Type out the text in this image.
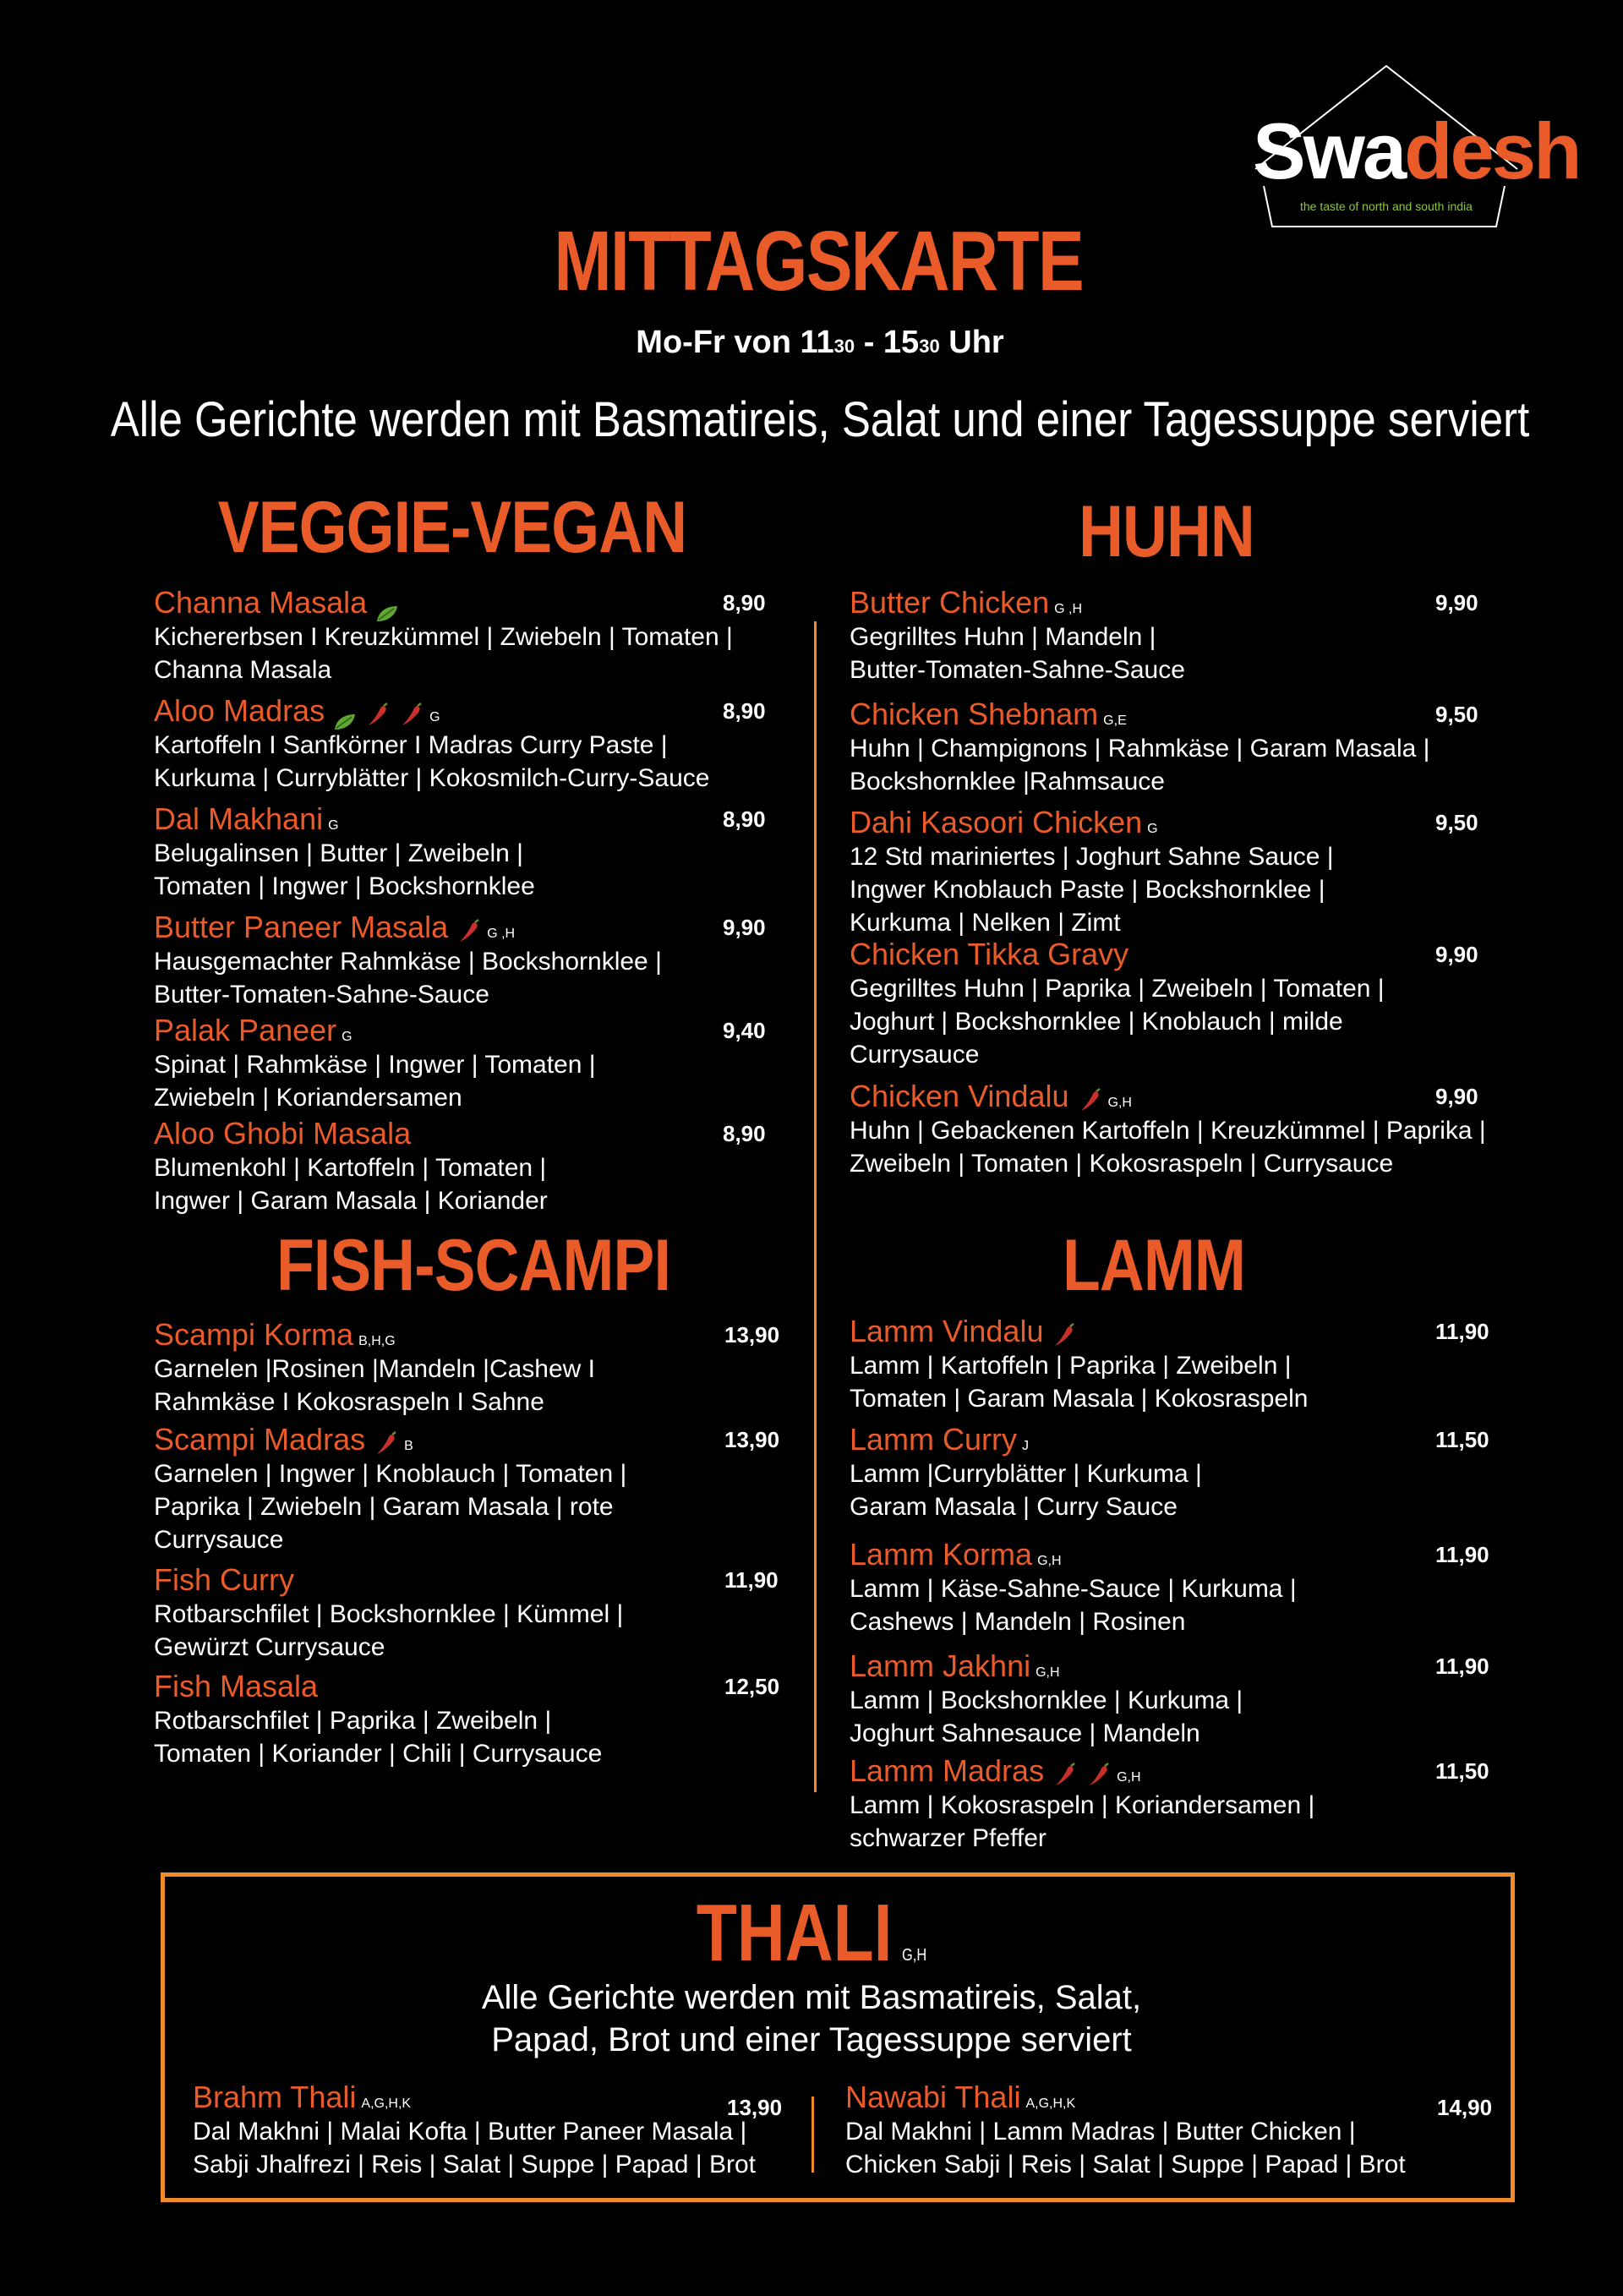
Swadesh
the taste of north and south india
MITTAGSKARTE
Mo-Fr von 1130 - 1530 Uhr
Alle Gerichte werden mit Basmatireis, Salat und einer Tagessuppe serviert
VEGGIE-VEGAN	HUHN
FISH-SCAMPI	LAMM
Channa Masala
Kichererbsen I Kreuzkümmel | Zwiebeln | Tomaten |
Channa Masala
8,90
Aloo Madras	G
Kartoffeln I Sanfkörner I Madras Curry Paste |
Kurkuma | Curryblätter | Kokosmilch-Curry-Sauce
8,90
Dal Makhani G
Belugalinsen | Butter | Zweibeln |
Tomaten | Ingwer | Bockshornklee
8,90
Butter Paneer Masala	G ,H
Hausgemachter Rahmkäse | Bockshornklee |
Butter-Tomaten-Sahne-Sauce
9,90
Palak Paneer G
Spinat | Rahmkäse | Ingwer | Tomaten |
Zwiebeln | Koriandersamen
9,40
Aloo Ghobi Masala
Blumenkohl | Kartoffeln | Tomaten |
Ingwer | Garam Masala | Koriander
8,90
Scampi Korma B,H,G
Garnelen |Rosinen |Mandeln |Cashew I
Rahmkäse I Kokosraspeln I Sahne
13,90
Scampi Madras	B
Garnelen | Ingwer | Knoblauch | Tomaten |
Paprika | Zwiebeln | Garam Masala | rote
Currysauce
13,90
Fish Curry
Rotbarschfilet | Bockshornklee | Kümmel |
Gewürzt Currysauce
11,90
Fish Masala
Rotbarschfilet | Paprika | Zweibeln |
Tomaten | Koriander | Chili | Currysauce
12,50
Butter Chicken G ,H
Gegrilltes Huhn | Mandeln |
Butter-Tomaten-Sahne-Sauce
9,90
Chicken Shebnam G,E
Huhn | Champignons | Rahmkäse | Garam Masala |
Bockshornklee |Rahmsauce
9,50
Dahi Kasoori Chicken G
12 Std mariniertes | Joghurt Sahne Sauce |
Ingwer Knoblauch Paste | Bockshornklee |
Kurkuma | Nelken | Zimt
9,50
Chicken Tikka Gravy
Gegrilltes Huhn | Paprika | Zweibeln | Tomaten |
Joghurt | Bockshornklee | Knoblauch | milde
Currysauce
9,90
Chicken Vindalu	G,H
Huhn | Gebackenen Kartoffeln | Kreuzkümmel | Paprika |
Zweibeln | Tomaten | Kokosraspeln | Currysauce
9,90
Lamm Vindalu
Lamm | Kartoffeln | Paprika | Zweibeln |
Tomaten | Garam Masala | Kokosraspeln
11,90
Lamm Curry J
Lamm |Curryblätter | Kurkuma |
Garam Masala | Curry Sauce
11,50
Lamm Korma G,H
Lamm | Käse-Sahne-Sauce | Kurkuma |
Cashews | Mandeln | Rosinen
11,90
Lamm Jakhni G,H
Lamm | Bockshornklee | Kurkuma |
Joghurt Sahnesauce | Mandeln
11,90
Lamm Madras	G,H
Lamm | Kokosraspeln | Koriandersamen |
schwarzer Pfeffer
11,50
THALI G,H
Alle Gerichte werden mit Basmatireis, Salat,
Papad, Brot und einer Tagessuppe serviert
Brahm Thali A,G,H,K
Dal Makhni | Malai Kofta | Butter Paneer Masala |
Sabji Jhalfrezi | Reis | Salat | Suppe | Papad | Brot
13,90 Nawabi Thali A,G,H,K
Dal Makhni | Lamm Madras | Butter Chicken |
Chicken Sabji | Reis | Salat | Suppe | Papad | Brot
14,90
